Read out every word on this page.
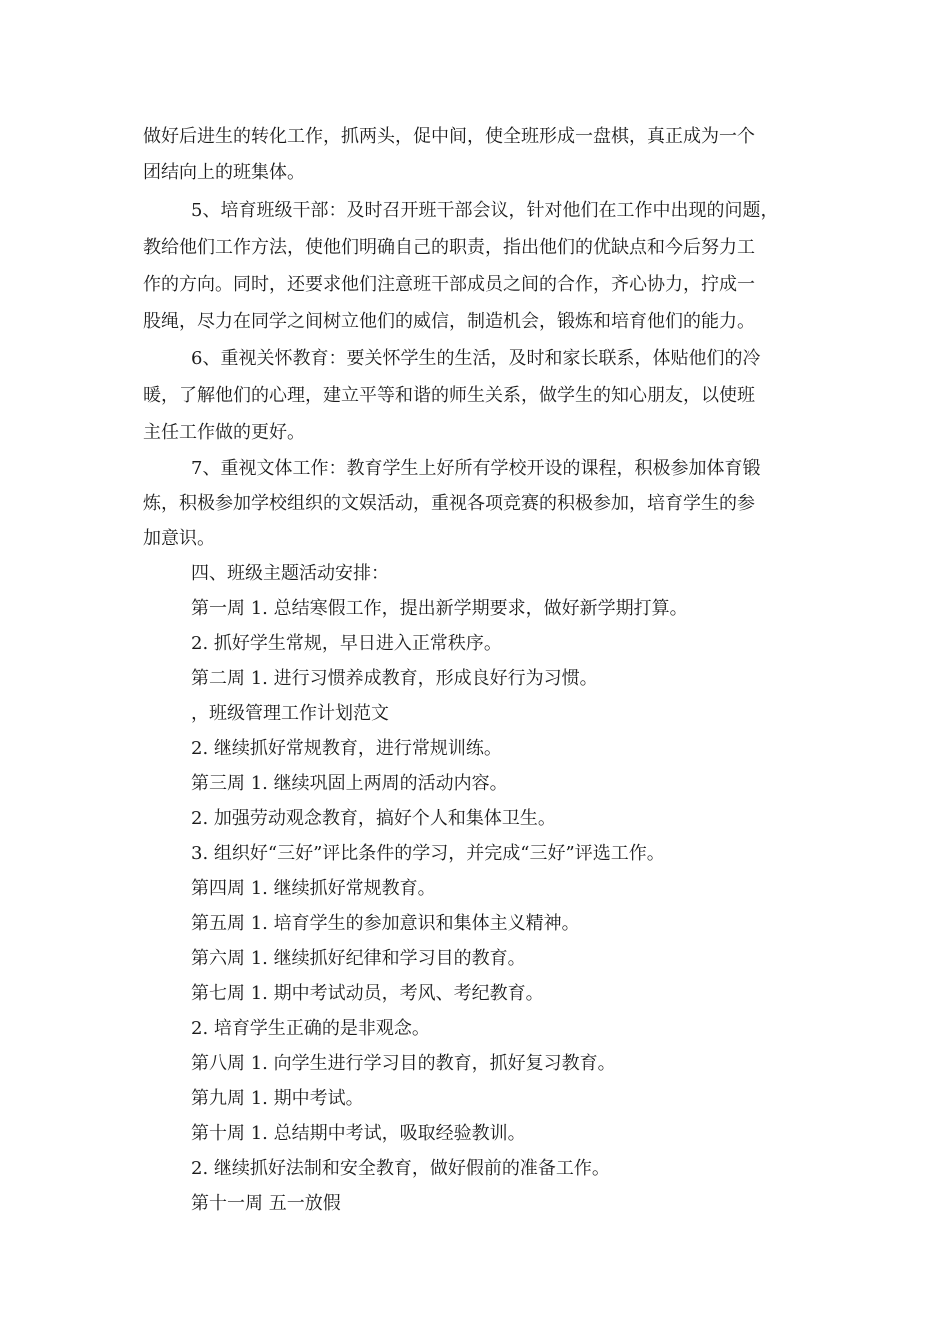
做好后进生的转化工作，抓两头，促中间，使全班形成一盘棋，真正成为一个
团结向上的班集体。
5、培育班级干部：及时召开班干部会议，针对他们在工作中出现的问题，
教给他们工作方法，使他们明确自己的职责，指出他们的优缺点和今后努力工
作的方向。同时，还要求他们注意班干部成员之间的合作，齐心协力，拧成一
股绳，尽力在同学之间树立他们的威信，制造机会，锻炼和培育他们的能力。
6、重视关怀教育：要关怀学生的生活，及时和家长联系，体贴他们的冷
暖，了解他们的心理，建立平等和谐的师生关系，做学生的知心朋友，以使班
主任工作做的更好。
7、重视文体工作：教育学生上好所有学校开设的课程，积极参加体育锻
炼，积极参加学校组织的文娱活动，重视各项竞赛的积极参加，培育学生的参
加意识。
四、班级主题活动安排：
第一周 1. 总结寒假工作，提出新学期要求，做好新学期打算。
2. 抓好学生常规，早日进入正常秩序。
第二周 1. 进行习惯养成教育，形成良好行为习惯。
，班级管理工作计划范文
2. 继续抓好常规教育，进行常规训练。
第三周 1. 继续巩固上两周的活动内容。
2. 加强劳动观念教育，搞好个人和集体卫生。
3. 组织好“三好”评比条件的学习，并完成“三好”评选工作。
第四周 1. 继续抓好常规教育。
第五周 1. 培育学生的参加意识和集体主义精神。
第六周 1. 继续抓好纪律和学习目的教育。
第七周 1. 期中考试动员，考风、考纪教育。
2. 培育学生正确的是非观念。
第八周 1. 向学生进行学习目的教育，抓好复习教育。
第九周 1. 期中考试。
第十周 1. 总结期中考试，吸取经验教训。
2. 继续抓好法制和安全教育，做好假前的准备工作。
第十一周 五一放假
